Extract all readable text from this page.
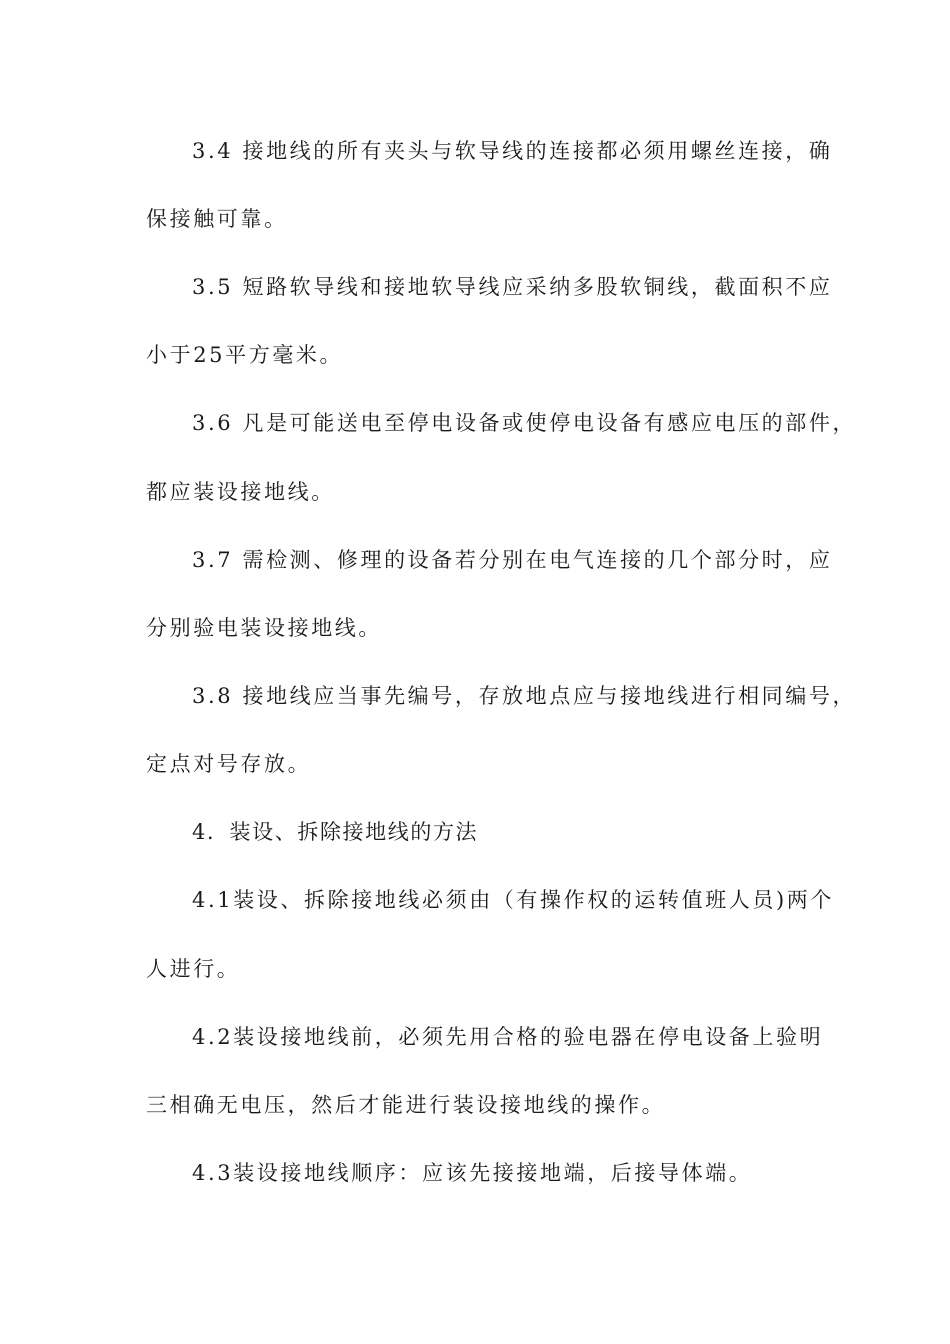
3.4 接地线的所有夹头与软导线的连接都必须用螺丝连接，确
保接触可靠。
3.5 短路软导线和接地软导线应采纳多股软铜线，截面积不应
小于25平方毫米。
3.6 凡是可能送电至停电设备或使停电设备有感应电压的部件，
都应装设接地线。
3.7 需检测、修理的设备若分别在电气连接的几个部分时，应
分别验电装设接地线。
3.8 接地线应当事先编号，存放地点应与接地线进行相同编号，
定点对号存放。
4．装设、拆除接地线的方法
4.1装设、拆除接地线必须由（有操作权的运转值班人员)两个
人进行。
4.2装设接地线前，必须先用合格的验电器在停电设备上验明
三相确无电压，然后才能进行装设接地线的操作。
4.3装设接地线顺序：应该先接接地端，后接导体端。
